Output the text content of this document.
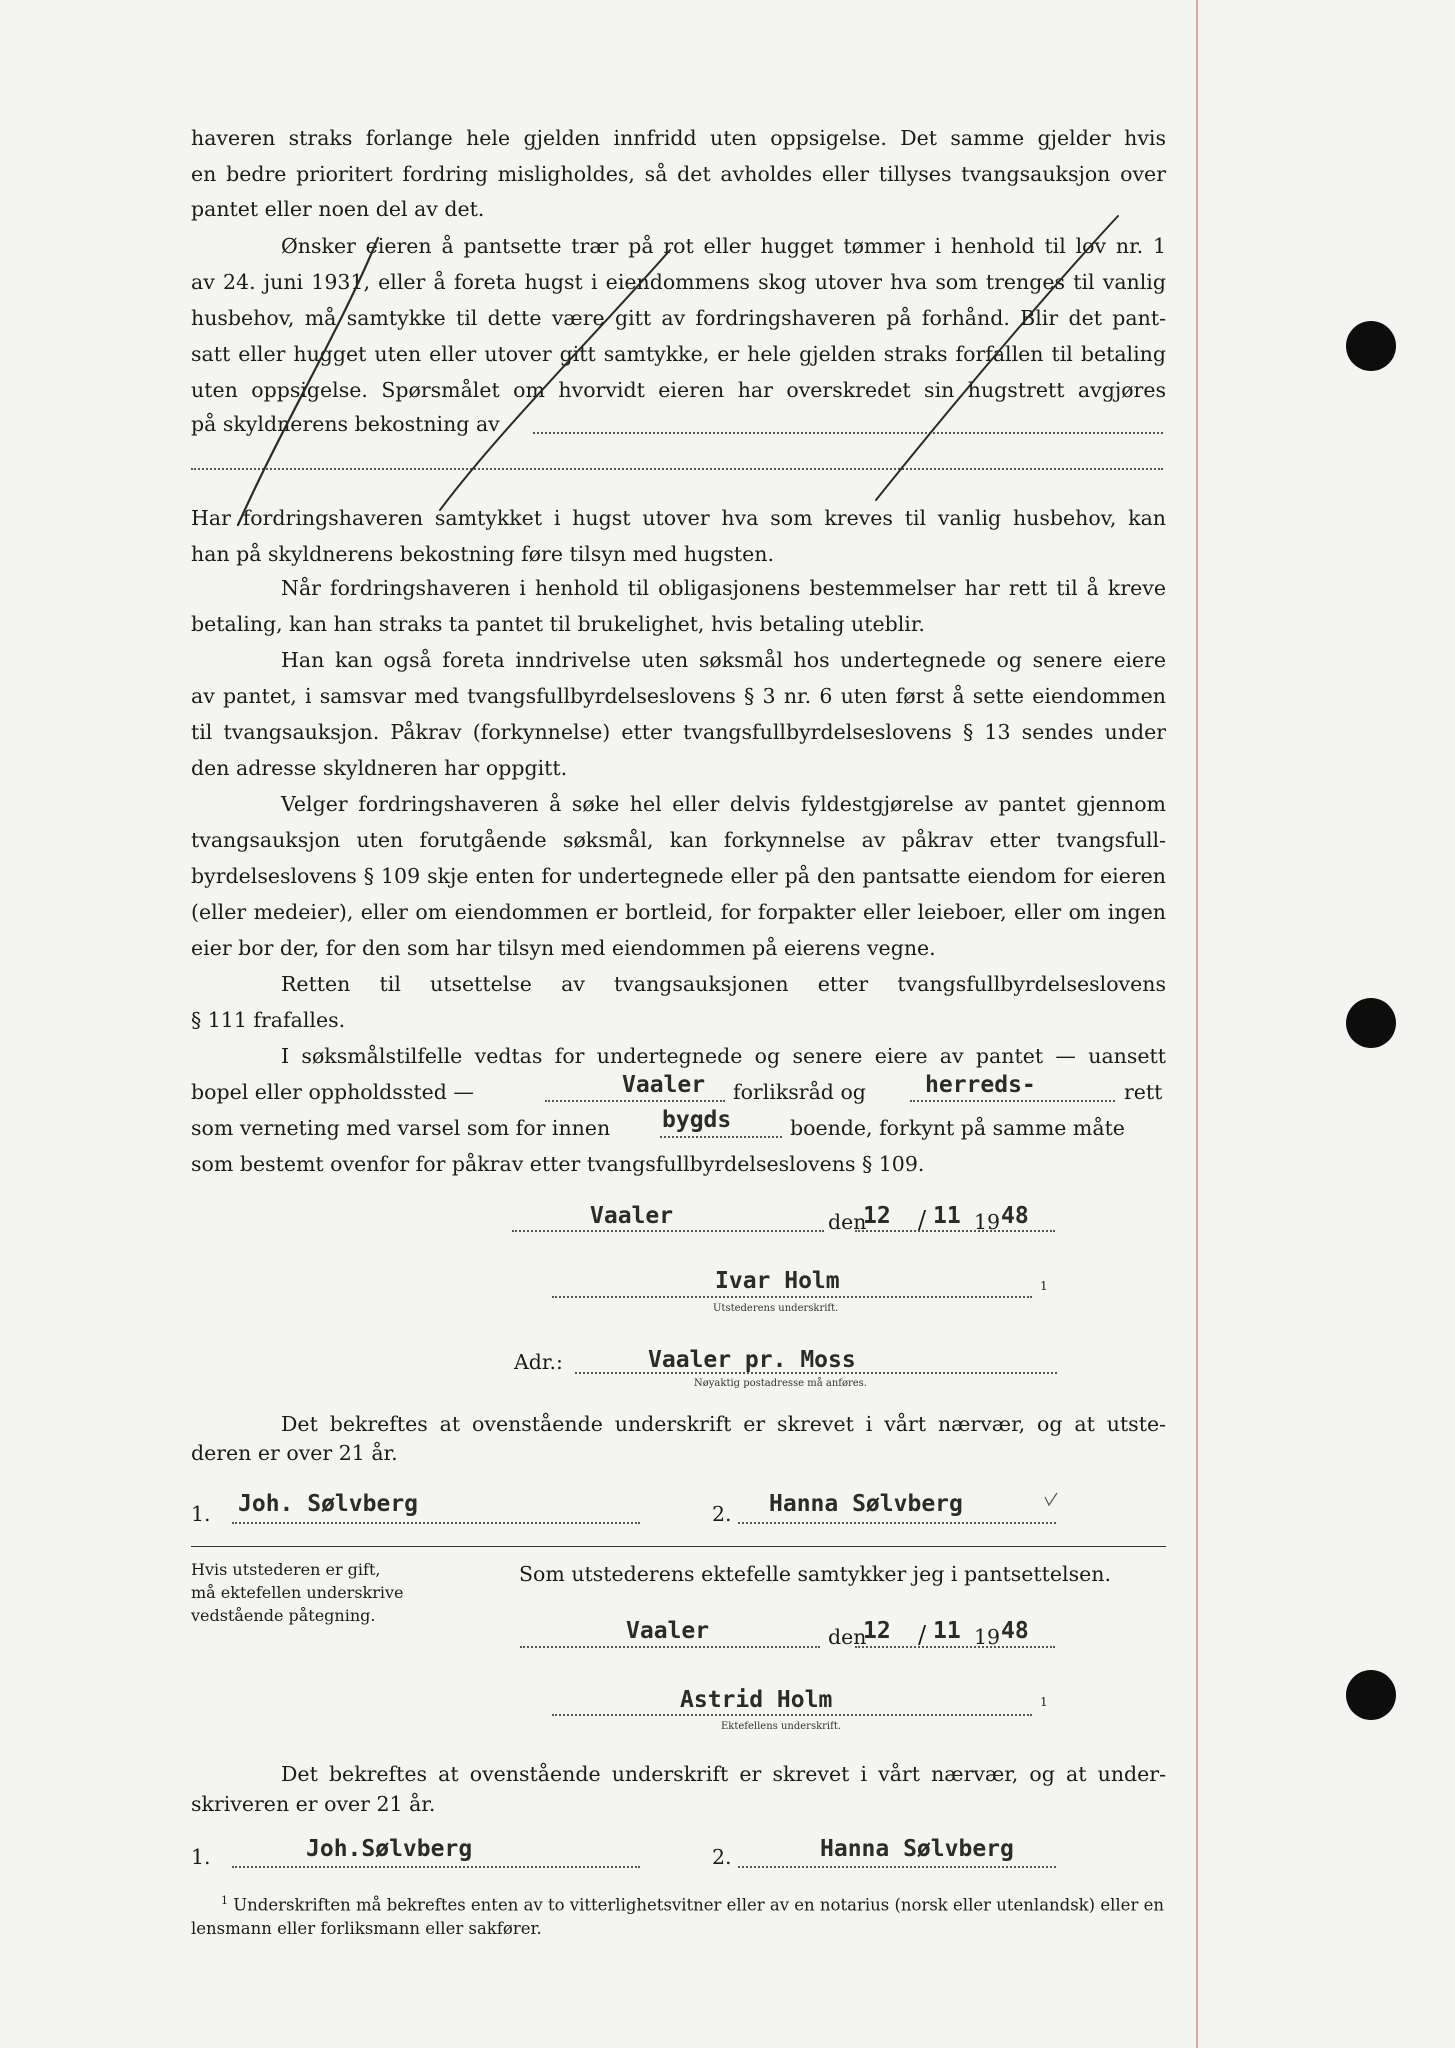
haveren straks forlange hele gjelden innfridd uten oppsigelse. Det samme gjelder hvis
en bedre prioritert fordring misligholdes, så det avholdes eller tillyses tvangsauksjon over
pantet eller noen del av det.
Ønsker eieren å pantsette trær på rot eller hugget tømmer i henhold til lov nr. 1
av 24. juni 1931, eller å foreta hugst i eiendommens skog utover hva som trenges til vanlig
husbehov, må samtykke til dette være gitt av fordringshaveren på forhånd. Blir det pant-
satt eller hugget uten eller utover gitt samtykke, er hele gjelden straks forfallen til betaling
uten oppsigelse. Spørsmålet om hvorvidt eieren har overskredet sin hugstrett avgjøres
på skyldnerens bekostning av
Har fordringshaveren samtykket i hugst utover hva som kreves til vanlig husbehov, kan
han på skyldnerens bekostning føre tilsyn med hugsten.
Når fordringshaveren i henhold til obligasjonens bestemmelser har rett til å kreve
betaling, kan han straks ta pantet til brukelighet, hvis betaling uteblir.
Han kan også foreta inndrivelse uten søksmål hos undertegnede og senere eiere
av pantet, i samsvar med tvangsfullbyrdelseslovens § 3 nr. 6 uten først å sette eiendommen
til tvangsauksjon. Påkrav (forkynnelse) etter tvangsfullbyrdelseslovens § 13 sendes under
den adresse skyldneren har oppgitt.
Velger fordringshaveren å søke hel eller delvis fyldestgjørelse av pantet gjennom
tvangsauksjon uten forutgående søksmål, kan forkynnelse av påkrav etter tvangsfull-
byrdelseslovens § 109 skje enten for undertegnede eller på den pantsatte eiendom for eieren
(eller medeier), eller om eiendommen er bortleid, for forpakter eller leieboer, eller om ingen
eier bor der, for den som har tilsyn med eiendommen på eierens vegne.
Retten til utsettelse av tvangsauksjonen etter tvangsfullbyrdelseslovens
§ 111 frafalles.
I søksmålstilfelle vedtas for undertegnede og senere eiere av pantet — uansett
bopel eller oppholdssted —	Vaaler forliksråd og	herreds-	rett
som verneting med varsel som for innen bygds	boende, forkynt på samme måte
som bestemt ovenfor for påkrav etter tvangsfullbyrdelseslovens § 109.
Vaaler	den
12 / 11 19 48
Ivar Holm	1
Utstederens underskrift.
Adr.:	Vaaler pr. Moss
Nøyaktig postadresse må anføres.
Det bekreftes at ovenstående underskrift er skrevet i vårt nærvær, og at utste-
deren er over 21 år.
1. Joh. Sølvberg	2. Hanna Sølvberg
Hvis utstederen er gift,
må ektefellen underskrive
vedstående påtegning.
Som utstederens ektefelle samtykker jeg i pantsettelsen.
Vaaler	den
12 / 11 19 48
Astrid Holm	1
Ektefellens underskrift.
Det bekreftes at ovenstående underskrift er skrevet i vårt nærvær, og at under-
skriveren er over 21 år.
1.	Joh.Sølvberg	2.	Hanna Sølvberg
$^1$ Underskriften må bekreftes enten av to vitterlighetsvitner eller av en notarius (norsk eller utenlandsk) eller en lensmann eller forliksmann eller sakfører.
